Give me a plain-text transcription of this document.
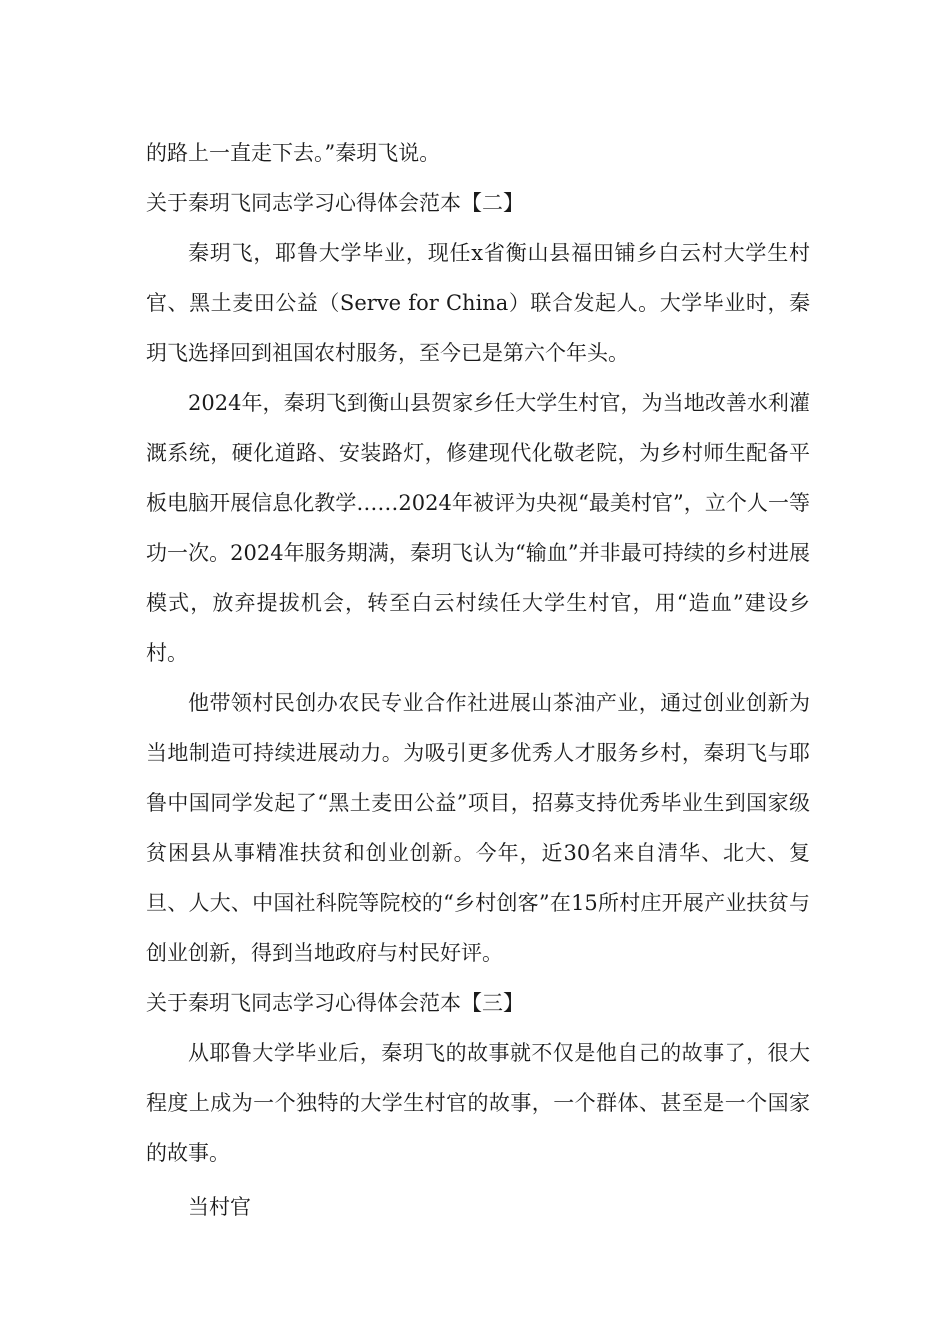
的路上一直走下去。”秦玥飞说。

关于秦玥飞同志学习心得体会范本【二】

秦玥飞，耶鲁大学毕业，现任x省衡山县福田铺乡白云村大学生村官、黑土麦田公益（Serve for China）联合发起人。大学毕业时，秦玥飞选择回到祖国农村服务，至今已是第六个年头。

2024年，秦玥飞到衡山县贺家乡任大学生村官，为当地改善水利灌溉系统，硬化道路、安装路灯，修建现代化敬老院，为乡村师生配备平板电脑开展信息化教学……2024年被评为央视“最美村官”，立个人一等功一次。2024年服务期满，秦玥飞认为“输血”并非最可持续的乡村进展模式，放弃提拔机会，转至白云村续任大学生村官，用“造血”建设乡村。

他带领村民创办农民专业合作社进展山茶油产业，通过创业创新为当地制造可持续进展动力。为吸引更多优秀人才服务乡村，秦玥飞与耶鲁中国同学发起了“黑土麦田公益”项目，招募支持优秀毕业生到国家级贫困县从事精准扶贫和创业创新。今年，近30名来自清华、北大、复旦、人大、中国社科院等院校的“乡村创客”在15所村庄开展产业扶贫与创业创新，得到当地政府与村民好评。

关于秦玥飞同志学习心得体会范本【三】

从耶鲁大学毕业后，秦玥飞的故事就不仅是他自己的故事了，很大程度上成为一个独特的大学生村官的故事，一个群体、甚至是一个国家的故事。

当村官
